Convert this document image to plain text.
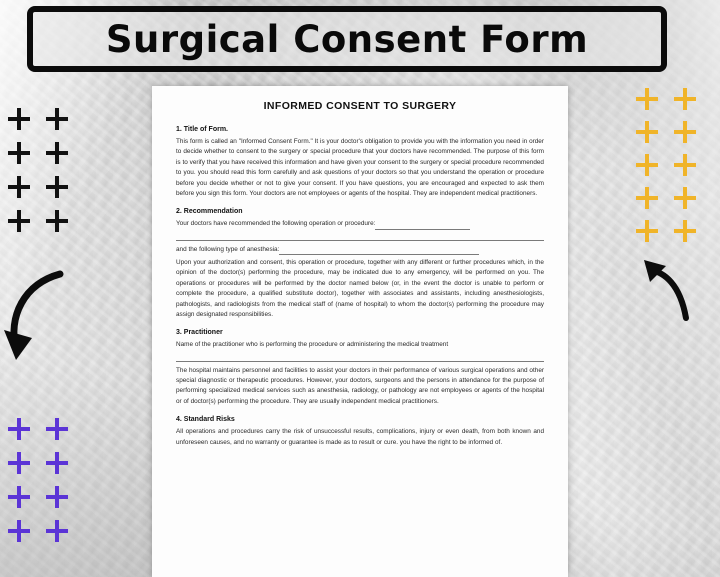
Surgical Consent Form
INFORMED CONSENT TO SURGERY
1. Title of Form.

This form is called an "Informed Consent Form." It is your doctor's obligation to provide you with the information you need in order to decide whether to consent to the surgery or special procedure that your doctors have recommended. The purpose of this form is to verify that you have received this information and have given your consent to the surgery or special procedure recommended to you. you should read this form carefully and ask questions of your doctors so that you understand the operation or procedure before you decide whether or not to give your consent. If you have questions, you are encouraged and expected to ask them before you sign this form. Your doctors are not employees or agents of the hospital. They are independent medical practitioners.

2. Recommendation

Your doctors have recommended the following operation or procedure:

and the following type of anesthesia:

Upon your authorization and consent, this operation or procedure, together with any different or further procedures which, in the opinion of the doctor(s) performing the procedure, may be indicated due to any emergency, will be performed on you. The operations or procedures will be performed by the doctor named below (or, in the event the doctor is unable to perform or complete the procedure, a qualified substitute doctor), together with associates and assistants, including anesthesiologists, pathologists, and radiologists from the medical staff of (name of hospital) to whom the doctor(s) performing the procedure may assign designated responsibilities.

3. Practitioner

Name of the practitioner who is performing the procedure or administering the medical treatment

The hospital maintains personnel and facilities to assist your doctors in their performance of various surgical operations and other special diagnostic or therapeutic procedures. However, your doctors, surgeons and the persons in attendance for the purpose of performing specialized medical services such as anesthesia, radiology, or pathology are not employees or agents of the hospital or of doctor(s) performing the procedure. They are usually independent medical practitioners.

4. Standard Risks

All operations and procedures carry the risk of unsuccessful results, complications, injury or even death, from both known and unforeseen causes, and no warranty or guarantee is made as to result or cure. you have the right to be informed of.
